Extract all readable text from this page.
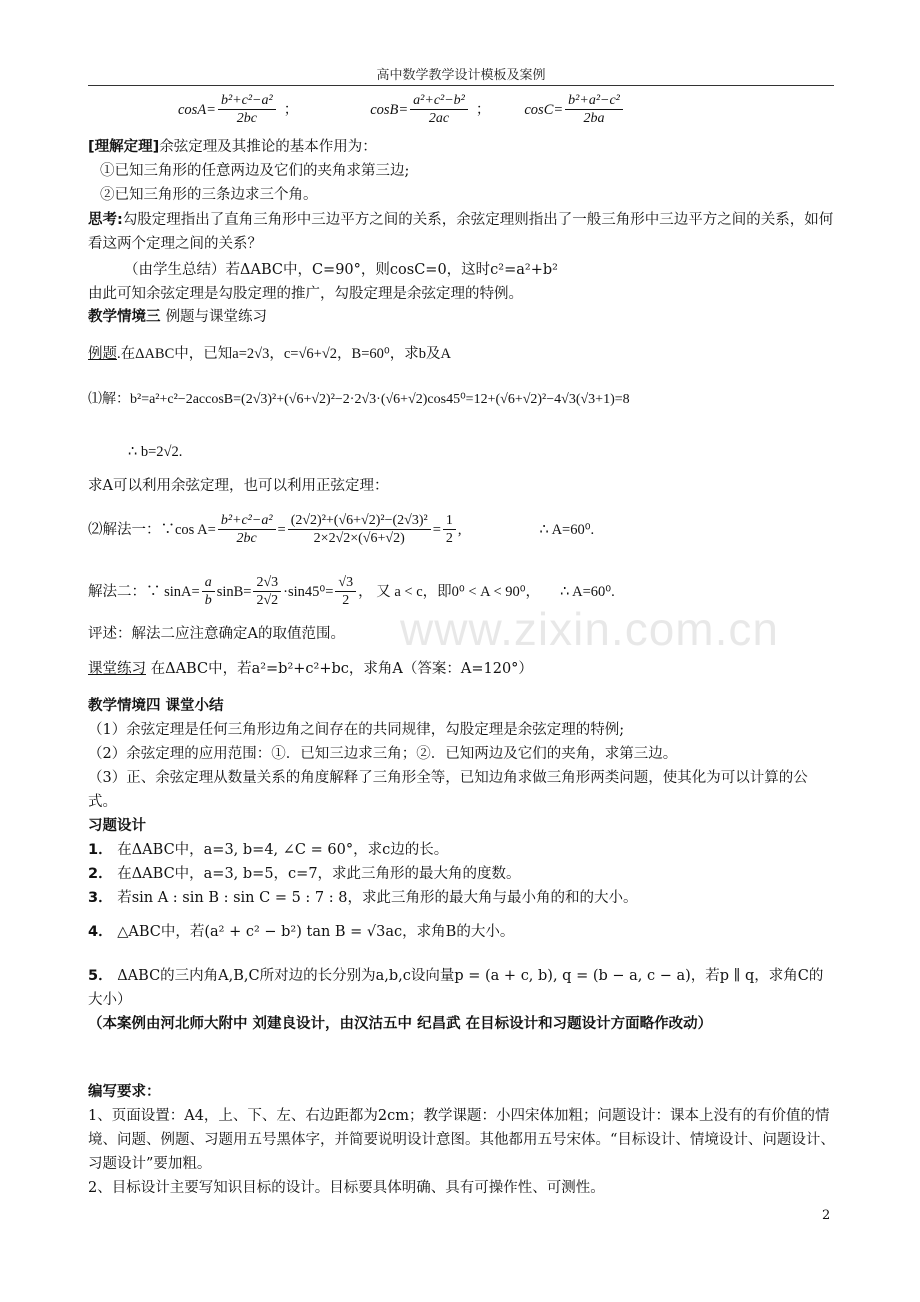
高中数学教学设计模板及案例
$\cos A= \frac{\text{b²+c²−a²}}{2bc}$ ；	$\cos B= \frac{\text{a²+c²−b²}}{2ac}$ ； $\cos C= \frac{\text{b²+a²−c²}}{2ba}$
[理解定理]余弦定理及其推论的基本作用为：
①已知三角形的任意两边及它们的夹角求第三边;
②已知三角形的三条边求三个角。
思考:勾股定理指出了直角三角形中三边平方之间的关系，余弦定理则指出了一般三角形中三边平方之间的关系，如何看这两个定理之间的关系？
（由学生总结）若ΔABC中，C=90°，则cosC=0，这时c²=a²+b²
由此可知余弦定理是勾股定理的推广，勾股定理是余弦定理的特例。
教学情境三 例题与课堂练习
例题.在ΔABC中，已知a=2√3，c=√6+√2，B=60⁰，求b及A
⑴解：b²=a²+c²−2accosB=(2√3)²+(√6+√2)²−2·2√3·(√6+√2)cos45⁰=12+(√6+√2)²−4√3(√3+1)=8
∴ b=2√2.
求A可以利用余弦定理，也可以利用正弦定理：
⑵解法一：∵cos $A= \frac{\text{b²+c²−a²}}{2bc} = \frac{\text{(2√2)²+(√6+√2)²−(2√3)²}}{2\times 2√2\times(√6+√2)} = \frac{1}{2}$ ,	∴ A=60⁰.
解法二：∵ $\sin A= \frac{a}{b} \sin B= \frac{2√3}{2√2} \cdot\sin 45^0= \frac{√3}{2}$ ， 又 a < c，即0⁰ < A < 90⁰， ∴ A=60⁰.
评述：解法二应注意确定A的取值范围。
课堂练习 在ΔABC中，若a²=b²+c²+bc，求角A（答案：A=120°）
教学情境四 课堂小结
（1）余弦定理是任何三角形边角之间存在的共同规律，勾股定理是余弦定理的特例;
（2）余弦定理的应用范围：①．已知三边求三角；②．已知两边及它们的夹角，求第三边。
（3）正、余弦定理从数量关系的角度解释了三角形全等，已知边角求做三角形两类问题，使其化为可以计算的公式。
习题设计
1． 在ΔABC中，a=3, b=4, ∠C = 60°，求c边的长。
2． 在ΔABC中，a=3, b=5，c=7，求此三角形的最大角的度数。
3． 若sin A : sin B : sin C = 5 : 7 : 8，求此三角形的最大角与最小角的和的大小。
4． △ABC中，若(a² + c² − b²) tan B = √3ac，求角B的大小。
5． ΔABC的三内角A,B,C所对边的长分别为a,b,c设向量p = (a + c, b), q = (b − a, c − a)，若p ∥ q，求角C的大小）
（本案例由河北师大附中 刘建良设计，由汉沽五中 纪昌武 在目标设计和习题设计方面略作改动）
编写要求：
1、页面设置：A4，上、下、左、右边距都为2cm；教学课题：小四宋体加粗；问题设计：课本上没有的有价值的情境、问题、例题、习题用五号黑体字，并简要说明设计意图。其他都用五号宋体。“目标设计、情境设计、问题设计、习题设计”要加粗。
2、目标设计主要写知识目标的设计。目标要具体明确、具有可操作性、可测性。
www.zixin.com.cn
2
